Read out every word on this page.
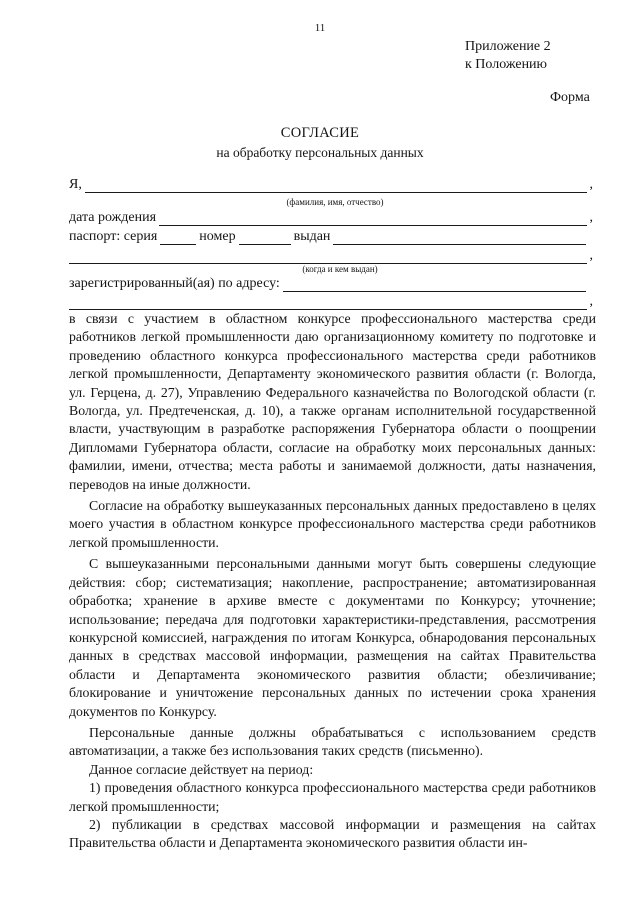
11
Приложение 2
к Положению
Форма
СОГЛАСИЕ
на обработку персональных данных
Я,	,
(фамилия, имя, отчество)
дата рождения	,
паспорт: серия	номер	выдан
,
(когда и кем выдан)
зарегистрированный(ая) по адресу:
,

в связи с участием в областном конкурсе профессионального мастерства среди работников легкой промышленности даю организационному комитету по подготовке и проведению областного конкурса профессионального мастерства среди работников легкой промышленности, Департаменту экономического развития области (г. Вологда, ул. Герцена, д. 27), Управлению Федерального казначейства по Вологодской области (г. Вологда, ул. Предтеченская, д. 10), а также органам исполнительной государственной власти, участвующим в разработке распоряжения Губернатора области о поощрении Дипломами Губернатора области, согласие на обработку моих персональных данных: фамилии, имени, отчества; места работы и занимаемой должности, даты назначения, переводов на иные должности.

Согласие на обработку вышеуказанных персональных данных предоставлено в целях моего участия в областном конкурсе профессионального мастерства среди работников легкой промышленности.

С вышеуказанными персональными данными могут быть совершены следующие действия: сбор; систематизация; накопление, распространение; автоматизированная обработка; хранение в архиве вместе с документами по Конкурсу; уточнение; использование; передача для подготовки характеристики-представления, рассмотрения конкурсной комиссией, награждения по итогам Конкурса, обнародования персональных данных в средствах массовой информации, размещения на сайтах Правительства области и Департамента экономического развития области; обезличивание; блокирование и уничтожение персональных данных по истечении срока хранения документов по Конкурсу.

Персональные данные должны обрабатываться с использованием средств автоматизации, а также без использования таких средств (письменно).

Данное согласие действует на период:

1) проведения областного конкурса профессионального мастерства среди работников легкой промышленности;

2) публикации в средствах массовой информации и размещения на сайтах Правительства области и Департамента экономического развития области ин-
